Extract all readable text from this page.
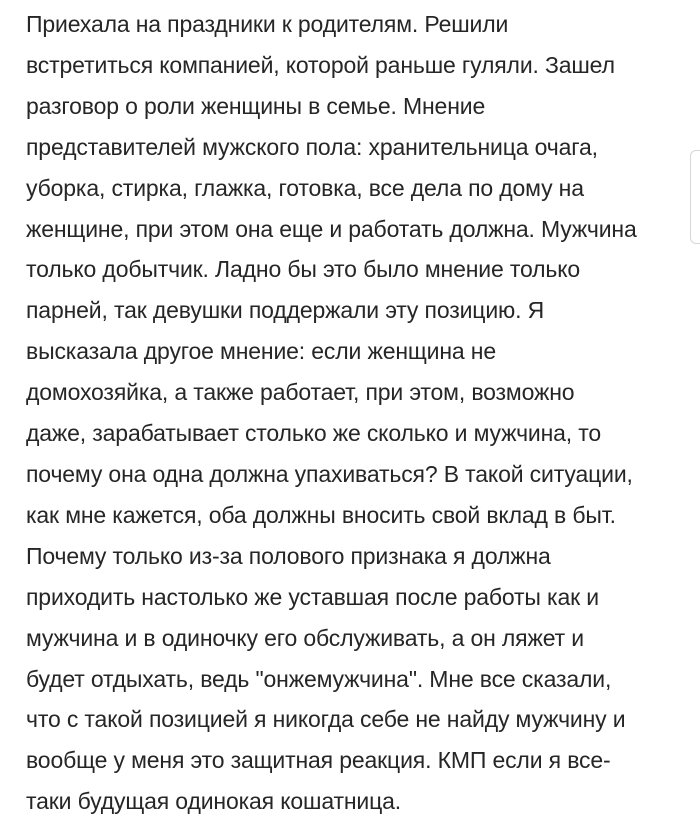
Приехала на праздники к родителям. Решили
встретиться компанией, которой раньше гуляли. Зашел
разговор о роли женщины в семье. Мнение
представителей мужского пола: хранительница очага,
уборка, стирка, глажка, готовка, все дела по дому на
женщине, при этом она еще и работать должна. Мужчина
только добытчик. Ладно бы это было мнение только
парней, так девушки поддержали эту позицию. Я
высказала другое мнение: если женщина не
домохозяйка, а также работает, при этом, возможно
даже, зарабатывает столько же сколько и мужчина, то
почему она одна должна упахиваться? В такой ситуации,
как мне кажется, оба должны вносить свой вклад в быт.
Почему только из-за полового признака я должна
приходить настолько же уставшая после работы как и
мужчина и в одиночку его обслуживать, а он ляжет и
будет отдыхать, ведь "онжемужчина". Мне все сказали,
что с такой позицией я никогда себе не найду мужчину и
вообще у меня это защитная реакция. КМП если я все-
таки будущая одинокая кошатница.
